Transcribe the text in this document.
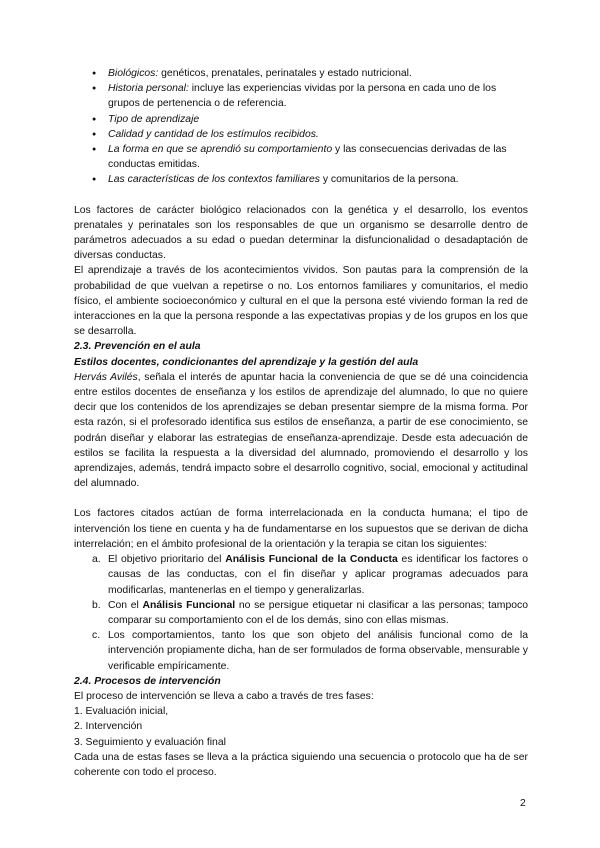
● Biológicos: genéticos, prenatales, perinatales y estado nutricional.
● Historia personal: incluye las experiencias vividas por la persona en cada uno de los grupos de pertenencia o de referencia.
● Tipo de aprendizaje
● Calidad y cantidad de los estímulos recibidos.
● La forma en que se aprendió su comportamiento y las consecuencias derivadas de las conductas emitidas.
● Las características de los contextos familiares y comunitarios de la persona.

Los factores de carácter biológico relacionados con la genética y el desarrollo, los eventos prenatales y perinatales son los responsables de que un organismo se desarrolle dentro de parámetros adecuados a su edad o puedan determinar la disfuncionalidad o desadaptación de diversas conductas.

El aprendizaje a través de los acontecimientos vividos. Son pautas para la comprensión de la probabilidad de que vuelvan a repetirse o no. Los entornos familiares y comunitarios, el medio físico, el ambiente socioeconómico y cultural en el que la persona esté viviendo forman la red de interacciones en la que la persona responde a las expectativas propias y de los grupos en los que se desarrolla.

2.3. Prevención en el aula
Estilos docentes, condicionantes del aprendizaje y la gestión del aula

Hervás Avilés, señala el interés de apuntar hacia la conveniencia de que se dé una coincidencia entre estilos docentes de enseñanza y los estilos de aprendizaje del alumnado, lo que no quiere decir que los contenidos de los aprendizajes se deban presentar siempre de la misma forma. Por esta razón, si el profesorado identifica sus estilos de enseñanza, a partir de ese conocimiento, se podrán diseñar y elaborar las estrategias de enseñanza-aprendizaje. Desde esta adecuación de estilos se facilita la respuesta a la diversidad del alumnado, promoviendo el desarrollo y los aprendizajes, además, tendrá impacto sobre el desarrollo cognitivo, social, emocional y actitudinal del alumnado.

Los factores citados actúan de forma interrelacionada en la conducta humana; el tipo de intervención los tiene en cuenta y ha de fundamentarse en los supuestos que se derivan de dicha interrelación; en el ámbito profesional de la orientación y la terapia se citan los siguientes:

a. El objetivo prioritario del Análisis Funcional de la Conducta es identificar los factores o causas de las conductas, con el fin diseñar y aplicar programas adecuados para modificarlas, mantenerlas en el tiempo y generalizarlas.
b. Con el Análisis Funcional no se persigue etiquetar ni clasificar a las personas; tampoco comparar su comportamiento con el de los demás, sino con ellas mismas.
c. Los comportamientos, tanto los que son objeto del análisis funcional como de la intervención propiamente dicha, han de ser formulados de forma observable, mensurable y verificable empíricamente.
2.4. Procesos de intervención

El proceso de intervención se lleva a cabo a través de tres fases:

1. Evaluación inicial,

2. Intervención

3. Seguimiento y evaluación final

Cada una de estas fases se lleva a la práctica siguiendo una secuencia o protocolo que ha de ser coherente con todo el proceso.

2
